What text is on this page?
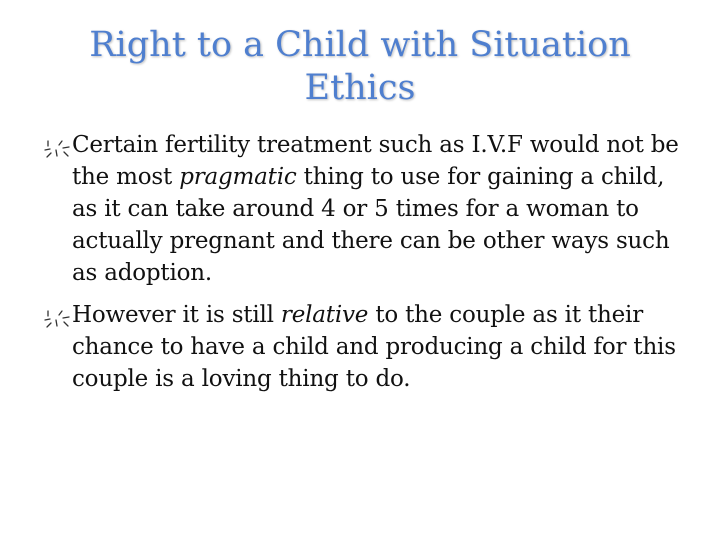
Right to a Child with Situation
Ethics
Certain fertility treatment such as I.V.F would not be the most pragmatic thing to use for gaining a child, as it can take around 4 or 5 times for a woman to actually pregnant and there can be other ways such as adoption.
However it is still relative to the couple as it their chance to have a child and producing a child for this couple is a loving thing to do.
